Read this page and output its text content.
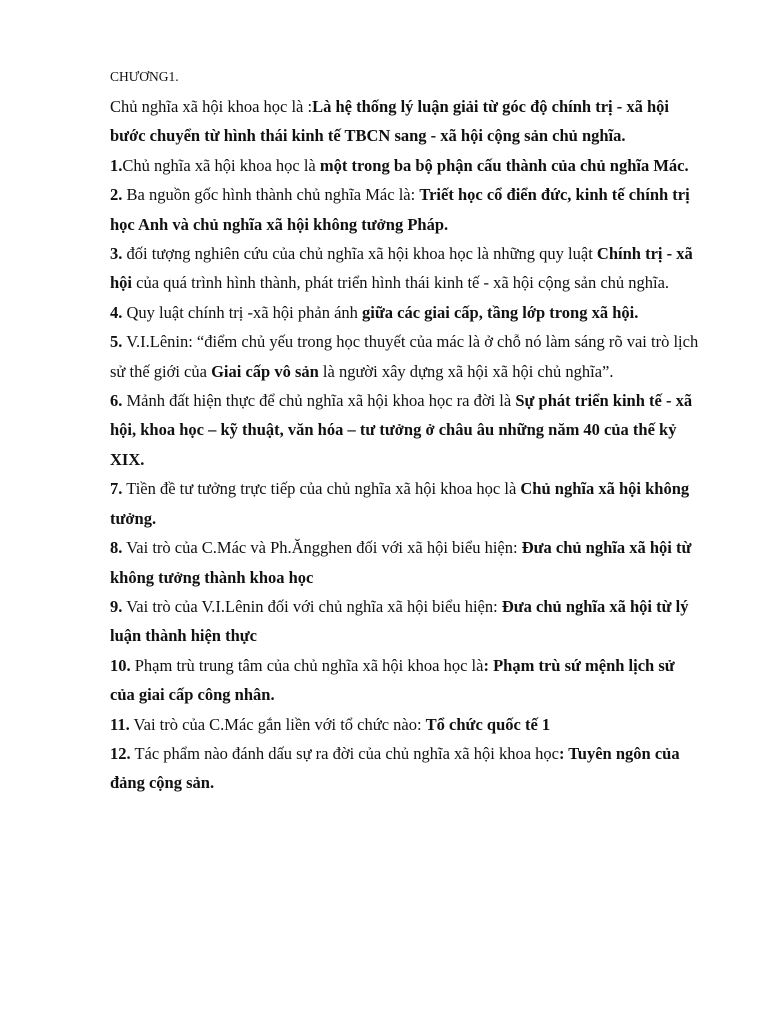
CHƯƠNG1.

Chủ nghĩa xã hội khoa học là :Là hệ thống lý luận giải từ góc độ chính trị - xã hội bước chuyển từ hình thái kinh tế TBCN sang - xã hội cộng sản chủ nghĩa.

1.Chủ nghĩa xã hội khoa học là một trong ba bộ phận cấu thành của chủ nghĩa Mác.

2. Ba nguồn gốc hình thành chủ nghĩa Mác là: Triết học cổ điển đức, kinh tế chính trị học Anh và chủ nghĩa xã hội không tưởng Pháp.

3. đối tượng nghiên cứu của chủ nghĩa xã hội khoa học là những quy luật Chính trị - xã hội của quá trình hình thành, phát triển hình thái kinh tế - xã hội cộng sản chủ nghĩa.

4. Quy luật chính trị -xã hội phản ánh giữa các giai cấp, tầng lớp trong xã hội.

5. V.I.Lênin: “điểm chủ yếu trong học thuyết của mác là ở chỗ nó làm sáng rõ vai trò lịch sử thế giới của Giai cấp vô sản là người xây dựng xã hội xã hội chủ nghĩa”.

6. Mảnh đất hiện thực để chủ nghĩa xã hội khoa học ra đời là Sự phát triển kinh tế - xã hội, khoa học – kỹ thuật, văn hóa – tư tưởng ở châu âu những năm 40 của thế kỷ XIX.

7. Tiền đề tư tưởng trực tiếp của chủ nghĩa xã hội khoa học là Chủ nghĩa xã hội không tưởng.

8. Vai trò của C.Mác và Ph.Ăngghen đối với xã hội biểu hiện: Đưa chủ nghĩa xã hội từ không tưởng thành khoa học

9. Vai trò của V.I.Lênin đối với chủ nghĩa xã hội biểu hiện: Đưa chủ nghĩa xã hội từ lý luận thành hiện thực

10. Phạm trù trung tâm của chủ nghĩa xã hội khoa học là: Phạm trù sứ mệnh lịch sử của giai cấp công nhân.

11. Vai trò của C.Mác gắn liền với tổ chức nào: Tổ chức quốc tế 1

12. Tác phẩm nào đánh dấu sự ra đời của chủ nghĩa xã hội khoa học: Tuyên ngôn của đảng cộng sản.
